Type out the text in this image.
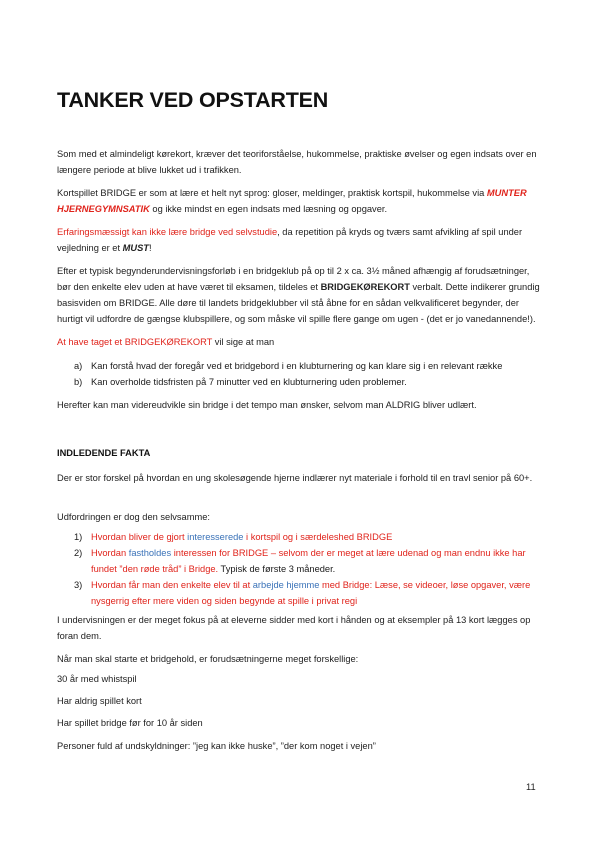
TANKER VED OPSTARTEN

Som med et almindeligt kørekort, kræver det teoriforståelse, hukommelse, praktiske øvelser og egen indsats over en længere periode at blive lukket ud i trafikken.

Kortspillet BRIDGE er som at lære et helt nyt sprog: gloser, meldinger, praktisk kortspil, hukommelse via MUNTER HJERNEGYMNSATIK og ikke mindst en egen indsats med læsning og opgaver.

Erfaringsmæssigt kan ikke lære bridge ved selvstudie, da repetition på kryds og tværs samt afvikling af spil under vejledning er et MUST!

Efter et typisk begynderundervisningsforløb i en bridgeklub på op til 2 x ca. 3½ måned afhængig af forudsætninger, bør den enkelte elev uden at have været til eksamen, tildeles et BRIDGEKØREKORT verbalt. Dette indikerer grundig basisviden om BRIDGE. Alle døre til landets bridgeklubber vil stå åbne for en sådan velkvalificeret begynder, der hurtigt vil udfordre de gængse klubspillere, og som måske vil spille flere gange om ugen - (det er jo vanedannende!).

At have taget et BRIDGEKØREKORT vil sige at man

a) Kan forstå hvad der foregår ved et bridgebord i en klubturnering og kan klare sig i en relevant række
b) Kan overholde tidsfristen på 7 minutter ved en klubturnering uden problemer.

Herefter kan man videreudvikle sin bridge i det tempo man ønsker, selvom man ALDRIG bliver udlært.

INDLEDENDE FAKTA

Der er stor forskel på hvordan en ung skolesøgende hjerne indlærer nyt materiale i forhold til en travl senior på 60+.

Udfordringen er dog den selvsamme:

1) Hvordan bliver de gjort interesserede i kortspil og i særdeleshed BRIDGE
2) Hvordan fastholdes interessen for BRIDGE – selvom der er meget at lære udenad og man endnu ikke har fundet ”den røde tråd” i Bridge. Typisk de første 3 måneder.
3) Hvordan får man den enkelte elev til at arbejde hjemme med Bridge: Læse, se videoer, løse opgaver, være nysgerrig efter mere viden og siden begynde at spille i privat regi

I undervisningen er der meget fokus på at eleverne sidder med kort i hånden og at eksempler på 13 kort lægges op foran dem.

Når man skal starte et bridgehold, er forudsætningerne meget forskellige:

30 år med whistspil

Har aldrig spillet kort

Har spillet bridge før for 10 år siden

Personer fuld af undskyldninger: ”jeg kan ikke huske”, ”der kom noget i vejen”

11
